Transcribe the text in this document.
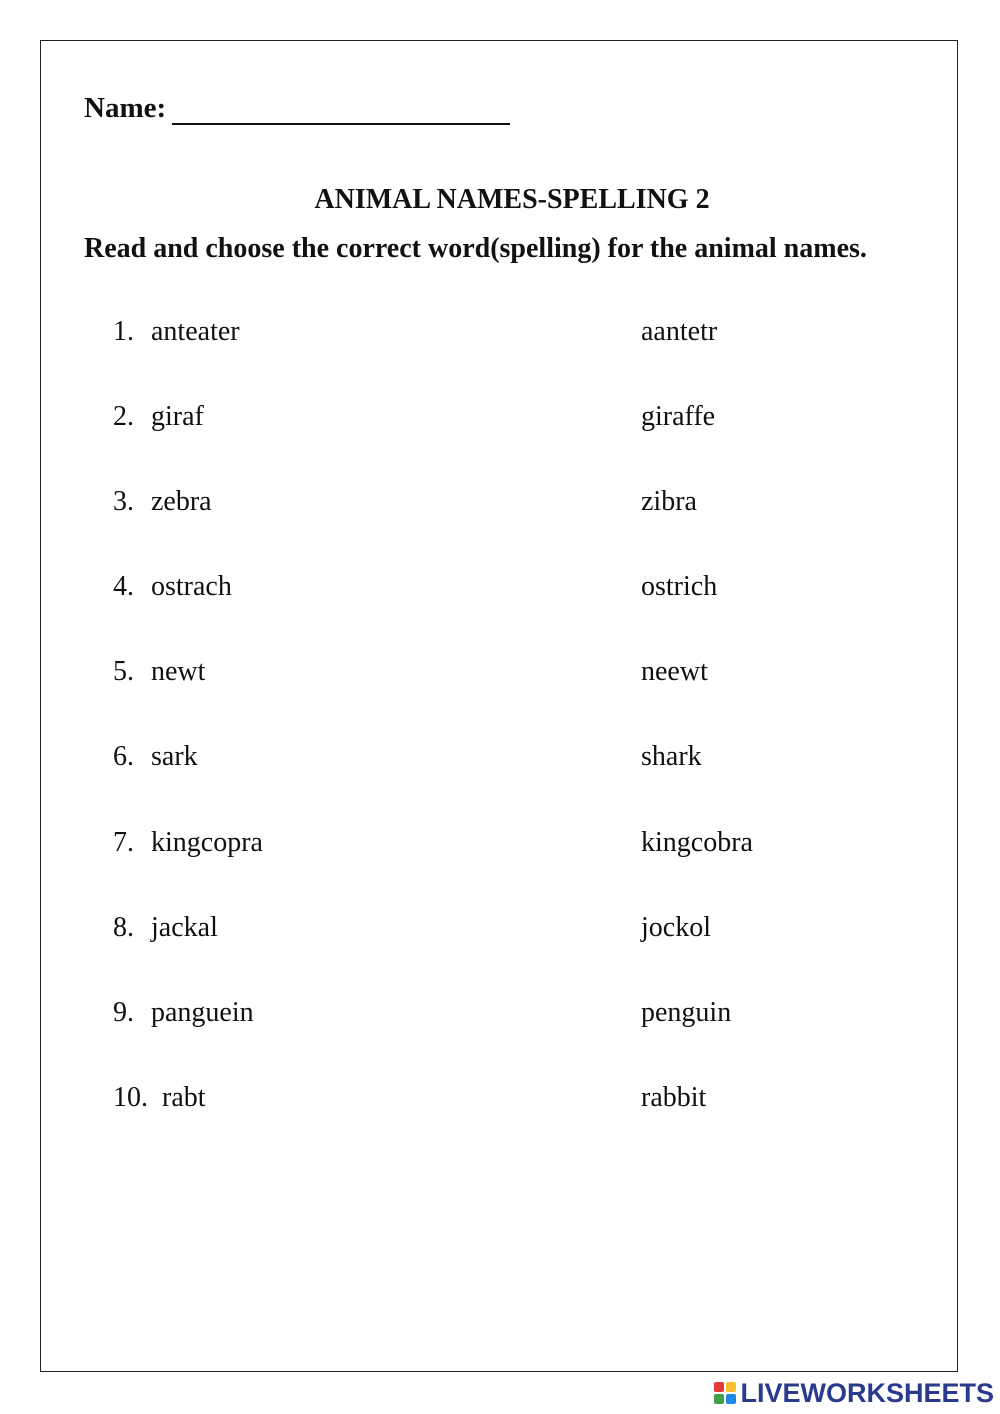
Name:
ANIMAL NAMES-SPELLING 2
Read and choose the correct word(spelling) for the animal names.
1. anteater	aantetr
2. giraf	giraffe
3. zebra	zibra
4. ostrach	ostrich
5. newt	neewt
6. sark	shark
7. kingcopra	kingcobra
8. jackal	jockol
9. panguein	penguin
10. rabt	rabbit
LIVEWORKSHEETS
